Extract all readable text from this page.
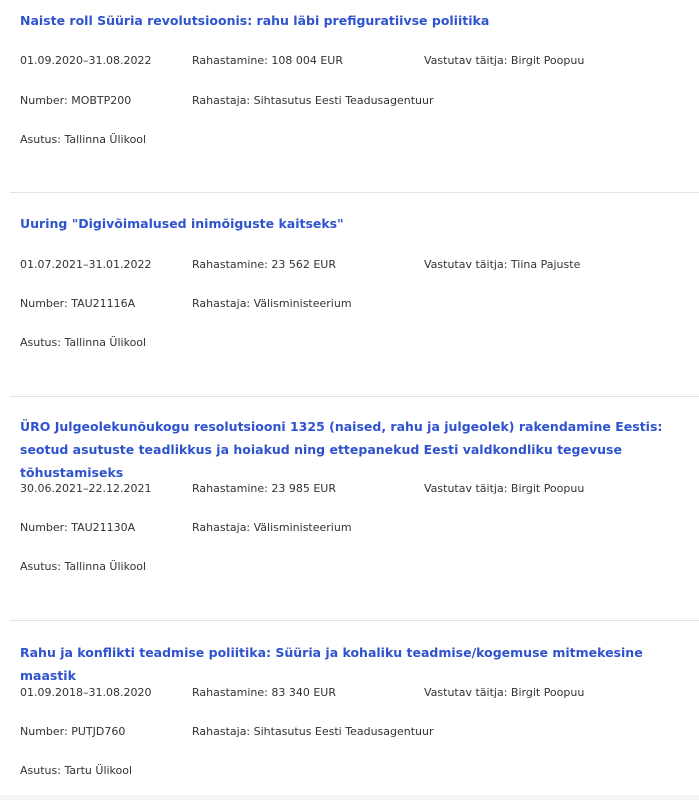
Naiste roll Süüria revolutsioonis: rahu läbi prefiguratiivse poliitika
01.09.2020–31.08.2022	Rahastamine: 108 004 EUR	Vastutav täitja: Birgit Poopuu
Number: MOBTP200	Rahastaja: Sihtasutus Eesti Teadusagentuur
Asutus: Tallinna Ülikool
Uuring "Digivõimalused inimõiguste kaitseks"
01.07.2021–31.01.2022	Rahastamine: 23 562 EUR	Vastutav täitja: Tiina Pajuste
Number: TAU21116A	Rahastaja: Välisministeerium
Asutus: Tallinna Ülikool
ÜRO Julgeolekunõukogu resolutsiooni 1325 (naised, rahu ja julgeolek) rakendamine Eestis: seotud asutuste teadlikkus ja hoiakud ning ettepanekud Eesti valdkondliku tegevuse tõhustamiseks
30.06.2021–22.12.2021	Rahastamine: 23 985 EUR	Vastutav täitja: Birgit Poopuu
Number: TAU21130A	Rahastaja: Välisministeerium
Asutus: Tallinna Ülikool
Rahu ja konflikti teadmise poliitika: Süüria ja kohaliku teadmise/kogemuse mitmekesine maastik
01.09.2018–31.08.2020	Rahastamine: 83 340 EUR	Vastutav täitja: Birgit Poopuu
Number: PUTJD760	Rahastaja: Sihtasutus Eesti Teadusagentuur
Asutus: Tartu Ülikool
